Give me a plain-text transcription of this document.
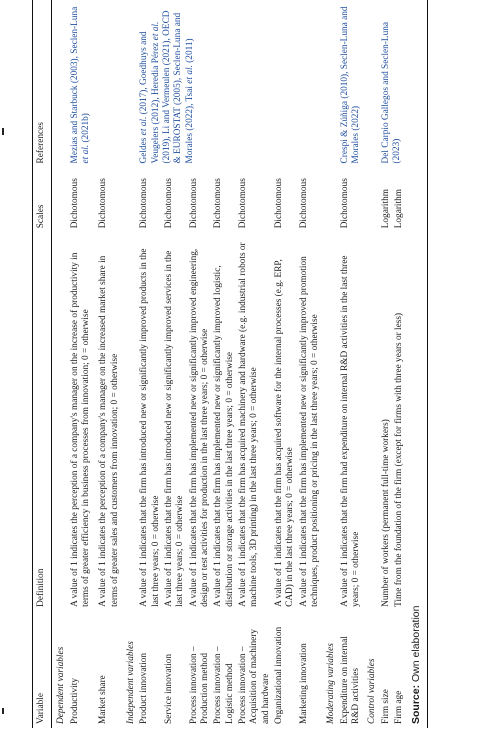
Variable	Definition	Scales	References
Dependent variables			
Productivity	A value of 1 indicates the perception of a company's manager on the increase of productivity in terms of greater efficiency in business processes from innovation; 0 = otherwise	Dichotomous	Mezias and Starbuck (2003), Seclen-Luna et al. (2021b)
Market share	A value of 1 indicates the perception of a company's manager on the increased market share in terms of greater sales and customers from innovation; 0 = otherwise	Dichotomous	
Independent variables			
Product innovation	A value of 1 indicates that the firm has introduced new or significantly improved products in the last three years; 0 = otherwise	Dichotomous	Geldes et al. (2017), Goedhuys and Veugelers (2012), Heredia Pérez et al. (2019), Li and Vermeulen (2021), OECD & EUROSTAT (2005), Seclen-Luna and Morales (2022), Tsai et al. (2011)
Service innovation	A value of 1 indicates that the firm has introduced new or significantly improved services in the last three years; 0 = otherwise	Dichotomous	
Process innovation – Production method	A value of 1 indicates that the firm has implemented new or significantly improved engineering, design or test activities for production in the last three years; 0 = otherwise	Dichotomous	
Process innovation – Logistic method	A value of 1 indicates that the firm has implemented new or significantly improved logistic, distribution or storage activities in the last three years; 0 = otherwise	Dichotomous	
Process innovation – Acquisition of machinery and hardware	A value of 1 indicates that the firm has acquired machinery and hardware (e.g. industrial robots or machine tools, 3D printing) in the last three years; 0 = otherwise	Dichotomous	
Organizational innovation	A value of 1 indicates that the firm has acquired software for the internal processes (e.g. ERP, CAD) in the last three years; 0 = otherwise	Dichotomous	
Marketing innovation	A value of 1 indicates that the firm has implemented new or significantly improved promotion techniques, product positioning or pricing in the last three years; 0 = otherwise	Dichotomous	
Moderating variables			
Expenditure on internal R&D activities	A value of 1 indicates that the firm had expenditure on internal R&D activities in the last three years; 0 = otherwise	Dichotomous	Crespi & Zúñiga (2010), Seclen-Luna and Morales (2022)
Control variables			
Firm size	Number of workers (permanent full-time workers)	Logarithm	Del Carpio Gallegos and Seclen-Luna (2023)
Firm age	Time from the foundation of the firm (except for firms with three years or less)	Logarithm	
Source: Own elaboration			
